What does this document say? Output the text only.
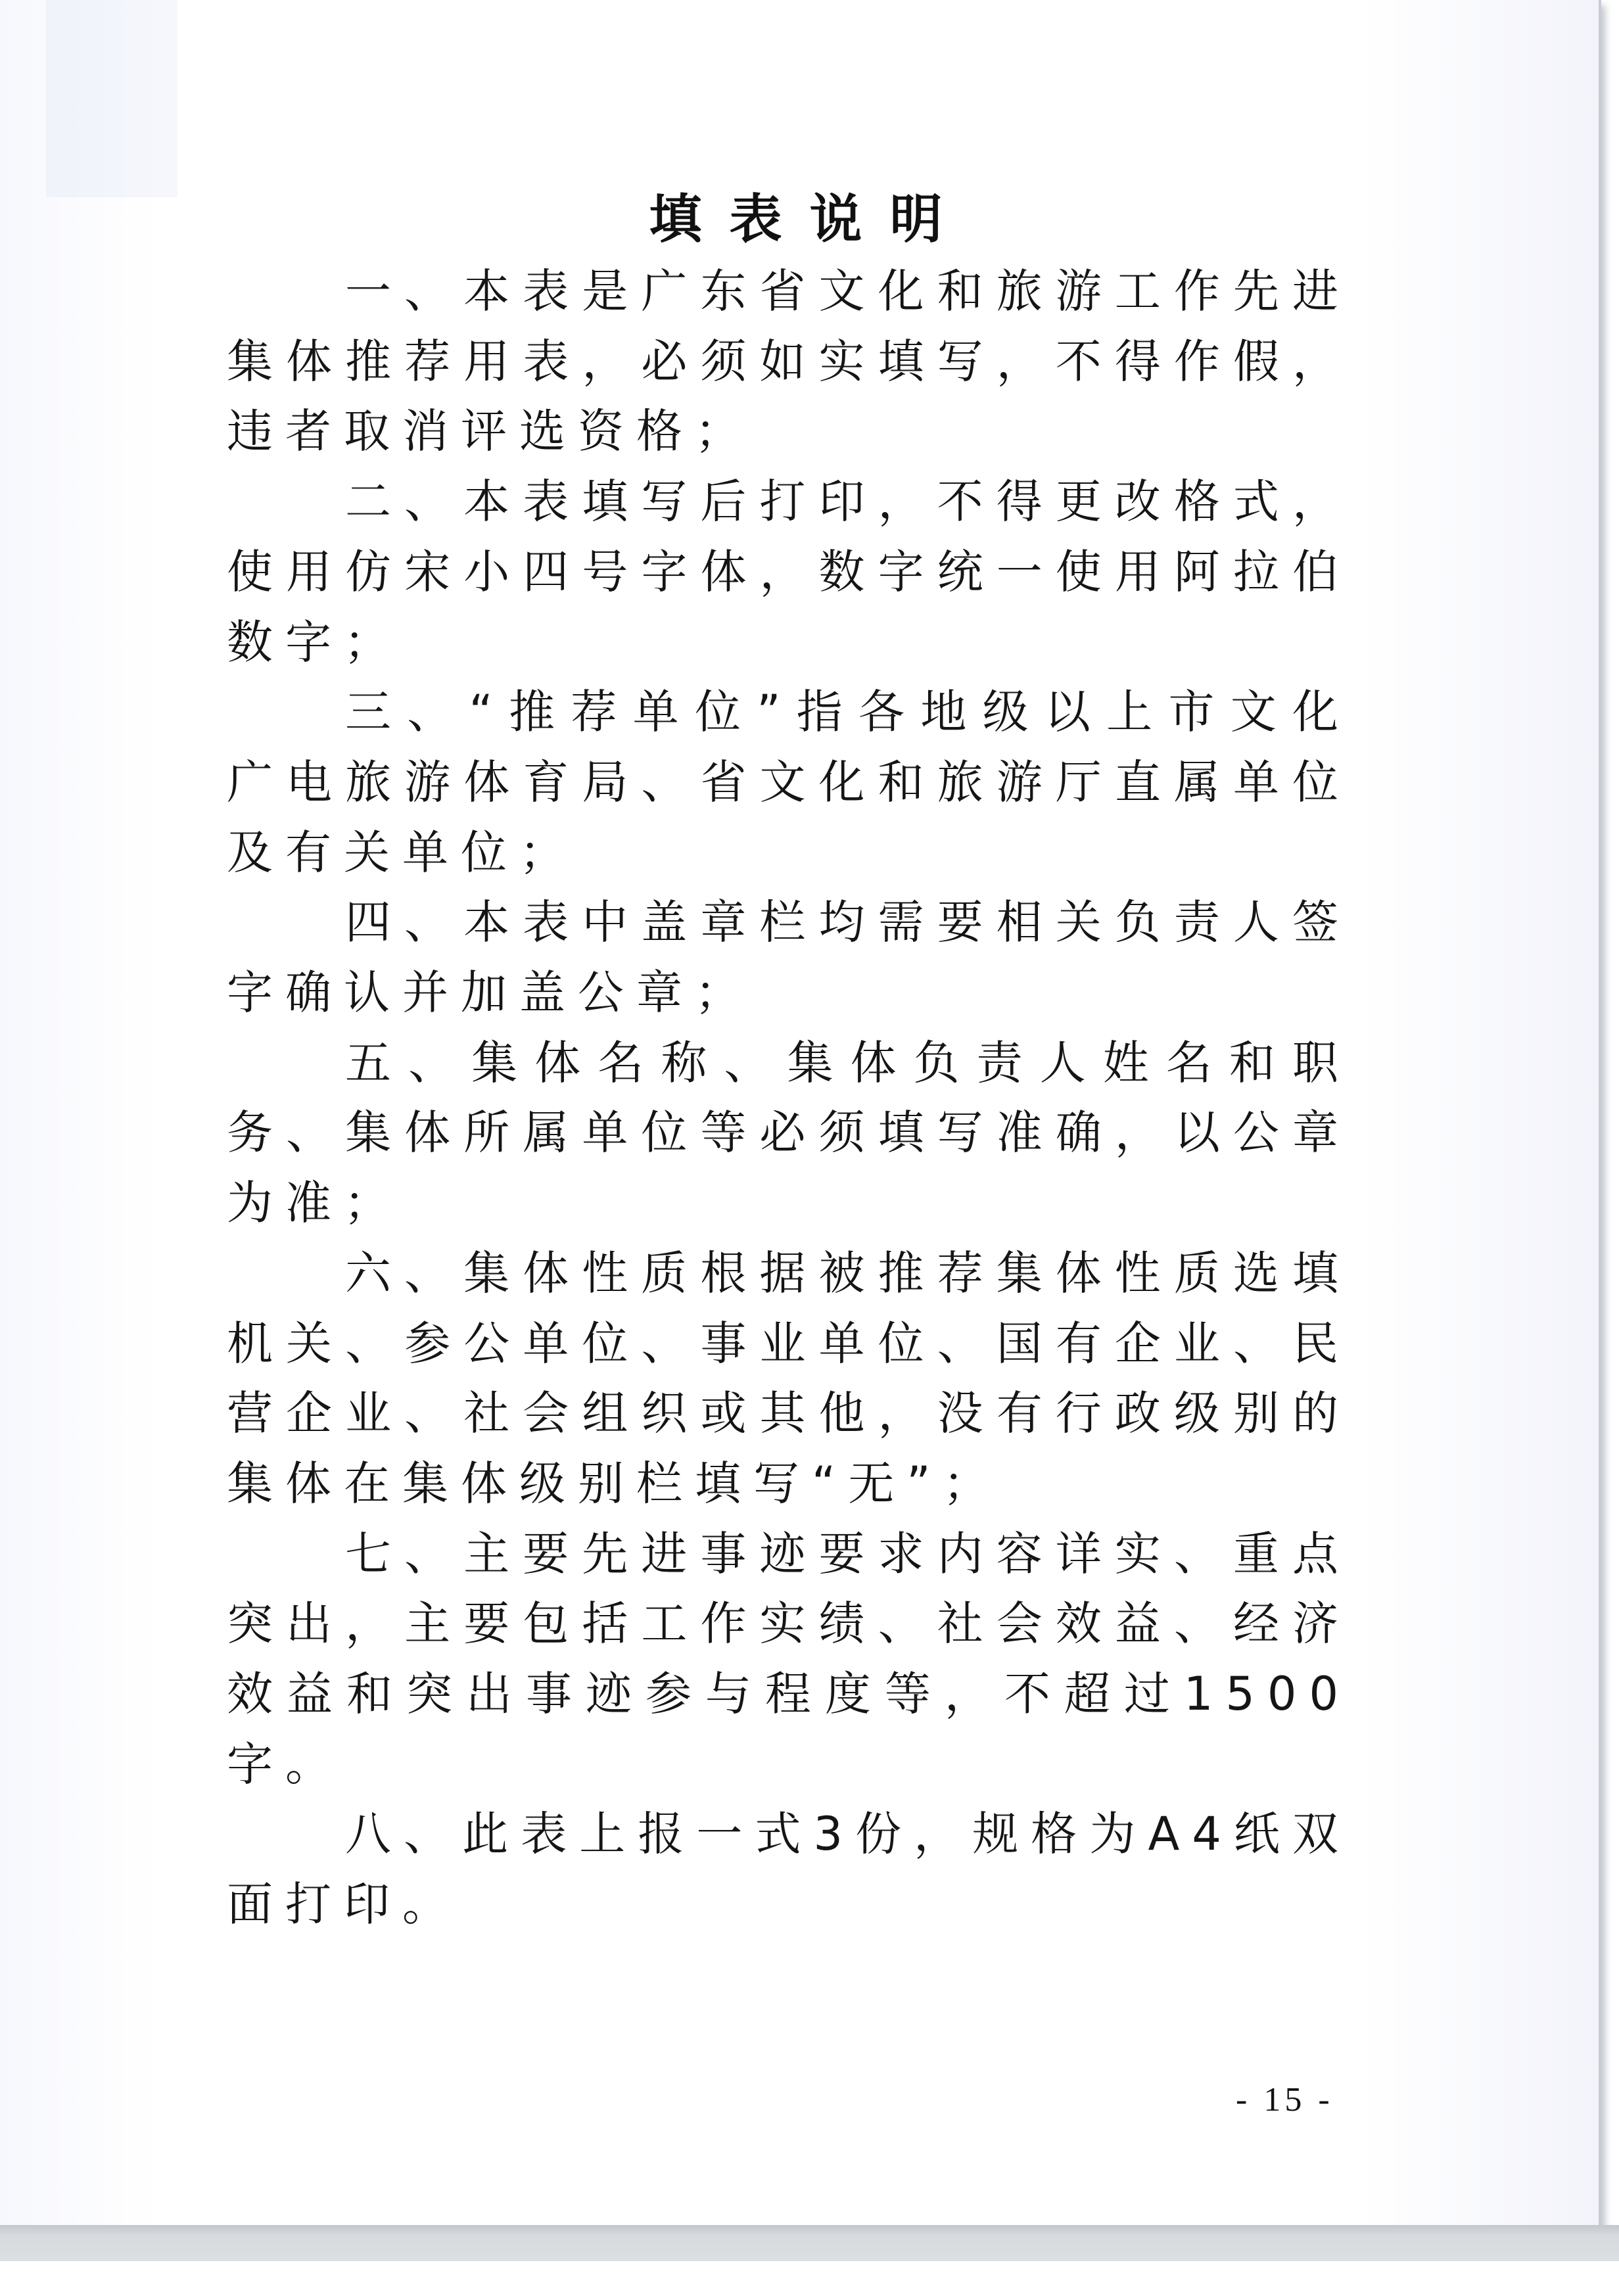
填表说明

一、本表是广东省文化和旅游工作先进集体推荐用表，必须如实填写，不得作假，违者取消评选资格；

二、本表填写后打印，不得更改格式，使用仿宋小四号字体，数字统一使用阿拉伯数字；

三、“推荐单位”指各地级以上市文化广电旅游体育局、省文化和旅游厅直属单位及有关单位；

四、本表中盖章栏均需要相关负责人签字确认并加盖公章；

五、集体名称、集体负责人姓名和职务、集体所属单位等必须填写准确，以公章为准；

六、集体性质根据被推荐集体性质选填机关、参公单位、事业单位、国有企业、民营企业、社会组织或其他，没有行政级别的集体在集体级别栏填写“无”；

七、主要先进事迹要求内容详实、重点突出，主要包括工作实绩、社会效益、经济效益和突出事迹参与程度等，不超过1500字。

八、此表上报一式3份，规格为A4纸双面打印。

- 15 -
